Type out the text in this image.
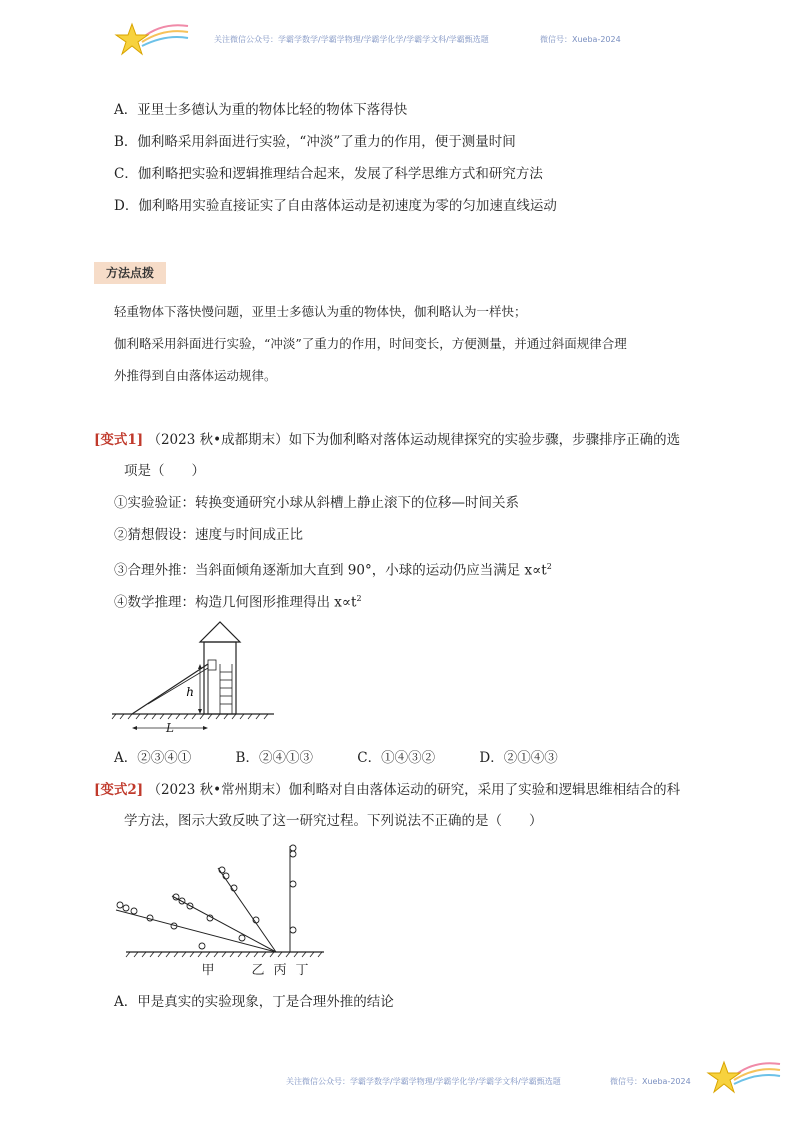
关注微信公众号：学霸学数学/学霸学物理/学霸学化学/学霸学文科/学霸甄选题	微信号：Xueba-2024
A．亚里士多德认为重的物体比轻的物体下落得快
B．伽利略采用斜面进行实验，“冲淡”了重力的作用，便于测量时间
C．伽利略把实验和逻辑推理结合起来，发展了科学思维方式和研究方法
D．伽利略用实验直接证实了自由落体运动是初速度为零的匀加速直线运动
方法点拨
轻重物体下落快慢问题，亚里士多德认为重的物体快，伽利略认为一样快；
伽利略采用斜面进行实验，“冲淡”了重力的作用，时间变长，方便测量，并通过斜面规律合理
外推得到自由落体运动规律。
[变式1] （2023 秋•成都期末）如下为伽利略对落体运动规律探究的实验步骤，步骤排序正确的选
项是（　　）
①实验验证：转换变通研究小球从斜槽上静止滚下的位移—时间关系
②猜想假设：速度与时间成正比
③合理外推：当斜面倾角逐渐加大直到 90°，小球的运动仍应当满足 $x\propto t^2$
④数学推理：构造几何图形推理得出 $x\propto t^2$
h
L
A．②③④①	B．②④①③	C．①④③②	D．②①④③
[变式2] （2023 秋•常州期末）伽利略对自由落体运动的研究，采用了实验和逻辑思维相结合的科
学方法，图示大致反映了这一研究过程。下列说法不正确的是（　　）
甲	乙 丙 丁
A．甲是真实的实验现象，丁是合理外推的结论
关注微信公众号：学霸学数学/学霸学物理/学霸学化学/学霸学文科/学霸甄选题	微信号：Xueba-2024
